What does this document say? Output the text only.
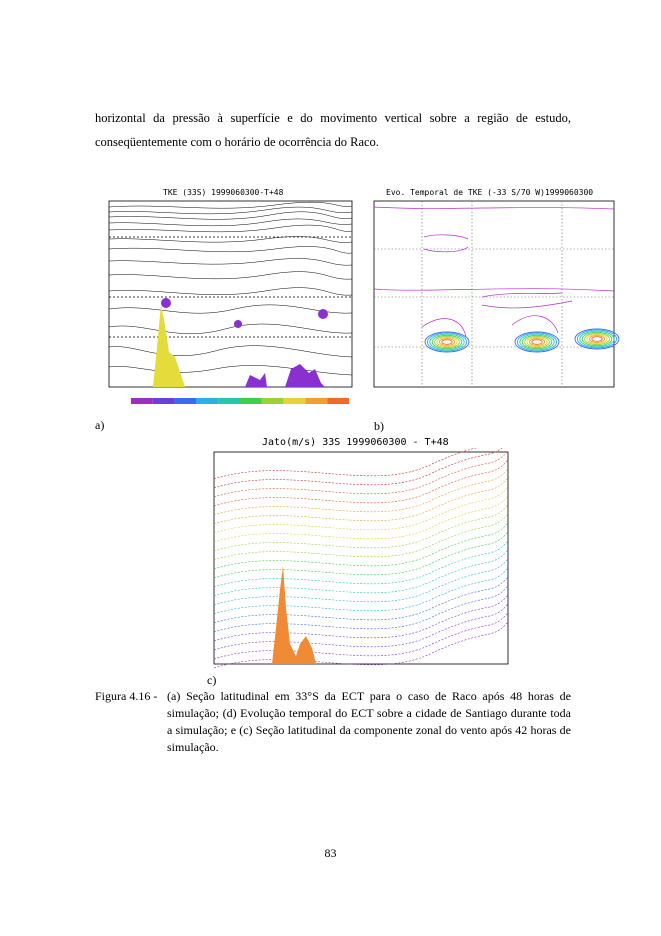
horizontal da pressão à superfície e do movimento vertical sobre a região de estudo,
conseqüentemente com o horário de ocorrência do Raco.
TKE (33S) 1999060300-T+48	Evo. Temporal de TKE (-33 S/70 W)1999060300
a)	b)
Jato(m/s) 33S 1999060300 - T+48
c)
Figura 4.16 - (a) Seção latitudinal em 33°S da ECT para o caso de Raco após 48 horas de simulação; (d) Evolução temporal do ECT sobre a cidade de Santiago durante toda a simulação; e (c) Seção latitudinal da componente zonal do vento após 42 horas de simulação.
83
